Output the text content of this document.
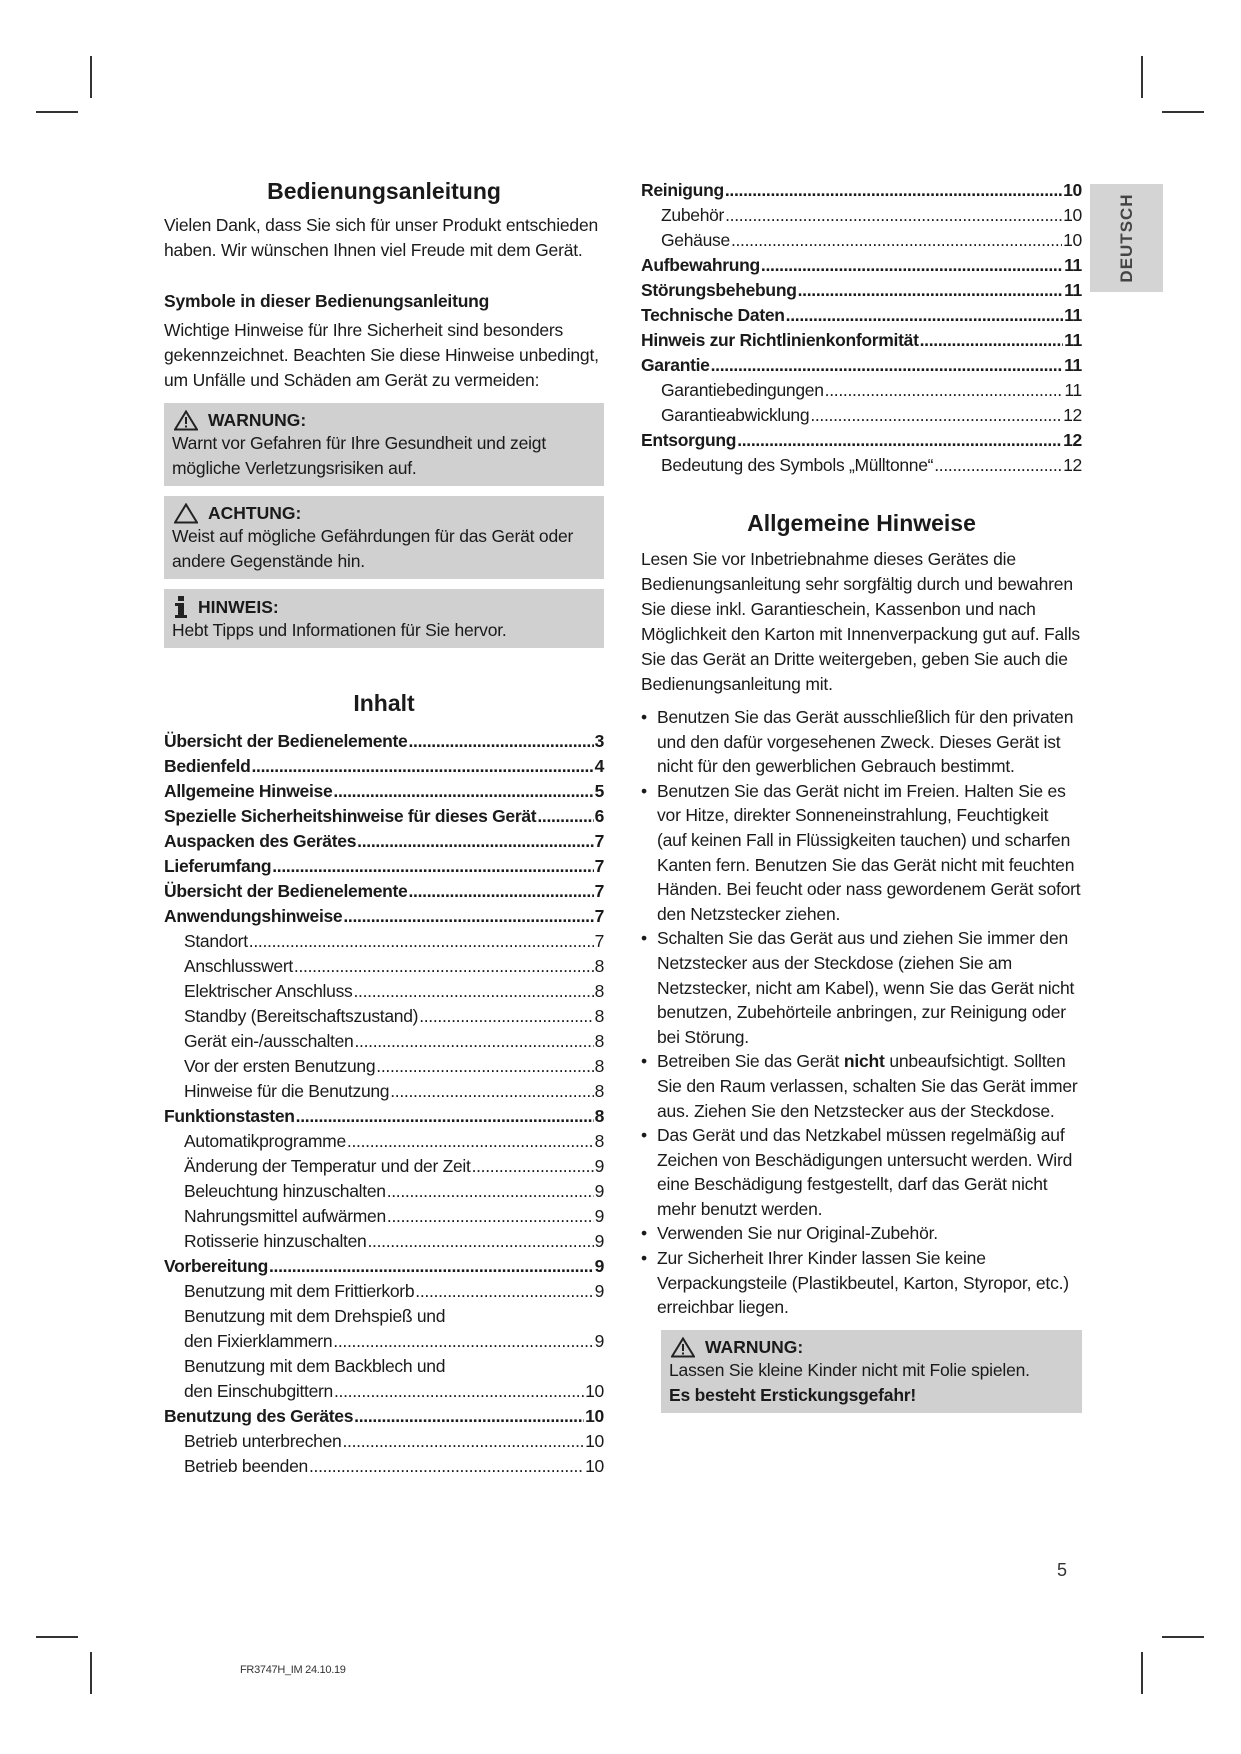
DEUTSCH
Bedienungsanleitung

Vielen Dank, dass Sie sich für unser Produkt entschieden haben. Wir wünschen Ihnen viel Freude mit dem Gerät.

Symbole in dieser Bedienungsanleitung

Wichtige Hinweise für Ihre Sicherheit sind besonders gekennzeichnet. Beachten Sie diese Hinweise unbedingt, um Unfälle und Schäden am Gerät zu vermeiden:

WARNUNG:
Warnt vor Gefahren für Ihre Gesundheit und zeigt mögliche Verletzungsrisiken auf.
ACHTUNG:
Weist auf mögliche Gefährdungen für das Gerät oder andere Gegenstände hin.
HINWEIS:
Hebt Tipps und Informationen für Sie hervor.
Inhalt
Übersicht der Bedienelemente .....	3
Bedienfeld .....	4
Allgemeine Hinweise .....	5
Spezielle Sicherheitshinweise für dieses Gerät .....	6
Auspacken des Gerätes .....	7
Lieferumfang .....	7
Übersicht der Bedienelemente .....	7
Anwendungshinweise .....	7
Standort .....	7
Anschlusswert .....	8
Elektrischer Anschluss .....	8
Standby (Bereitschaftszustand) .....	8
Gerät ein-/ausschalten .....	8
Vor der ersten Benutzung .....	8
Hinweise für die Benutzung .....	8
Funktionstasten .....	8
Automatikprogramme .....	8
Änderung der Temperatur und der Zeit .....	9
Beleuchtung hinzuschalten .....	9
Nahrungsmittel aufwärmen .....	9
Rotisserie hinzuschalten .....	9
Vorbereitung .....	9
Benutzung mit dem Frittierkorb .....	9
Benutzung mit dem Drehspieß und
den Fixierklammern .....	9
Benutzung mit dem Backblech und
den Einschubgittern .....	10
Benutzung des Gerätes .....	10
Betrieb unterbrechen .....	10
Betrieb beenden .....	10
Reinigung .....	10
Zubehör .....	10
Gehäuse .....	10
Aufbewahrung .....	11
Störungsbehebung .....	11
Technische Daten .....	11
Hinweis zur Richtlinienkonformität .....	11
Garantie .....	11
Garantiebedingungen .....	11
Garantieabwicklung .....	12
Entsorgung .....	12
Bedeutung des Symbols „Mülltonne“ .....	12
Allgemeine Hinweise

Lesen Sie vor Inbetriebnahme dieses Gerätes die Bedienungsanleitung sehr sorgfältig durch und bewahren Sie diese inkl. Garantieschein, Kassenbon und nach Möglichkeit den Karton mit Innenverpackung gut auf. Falls Sie das Gerät an Dritte weitergeben, geben Sie auch die Bedienungsanleitung mit.

• Benutzen Sie das Gerät ausschließlich für den privaten und den dafür vorgesehenen Zweck. Dieses Gerät ist nicht für den gewerblichen Gebrauch bestimmt.
• Benutzen Sie das Gerät nicht im Freien. Halten Sie es vor Hitze, direkter Sonneneinstrahlung, Feuchtigkeit (auf keinen Fall in Flüssigkeiten tauchen) und scharfen Kanten fern. Benutzen Sie das Gerät nicht mit feuchten Händen. Bei feucht oder nass gewordenem Gerät sofort den Netzstecker ziehen.
• Schalten Sie das Gerät aus und ziehen Sie immer den Netzstecker aus der Steckdose (ziehen Sie am Netzstecker, nicht am Kabel), wenn Sie das Gerät nicht benutzen, Zubehörteile anbringen, zur Reinigung oder bei Störung.
• Betreiben Sie das Gerät nicht unbeaufsichtigt. Sollten Sie den Raum verlassen, schalten Sie das Gerät immer aus. Ziehen Sie den Netzstecker aus der Steckdose.
• Das Gerät und das Netzkabel müssen regelmäßig auf Zeichen von Beschädigungen untersucht werden. Wird eine Beschädigung festgestellt, darf das Gerät nicht mehr benutzt werden.
• Verwenden Sie nur Original-Zubehör.
• Zur Sicherheit Ihrer Kinder lassen Sie keine Verpackungsteile (Plastikbeutel, Karton, Styropor, etc.) erreichbar liegen.
WARNUNG:
Lassen Sie kleine Kinder nicht mit Folie spielen.
Es besteht Erstickungsgefahr!
5
FR3747H_IM 24.10.19
